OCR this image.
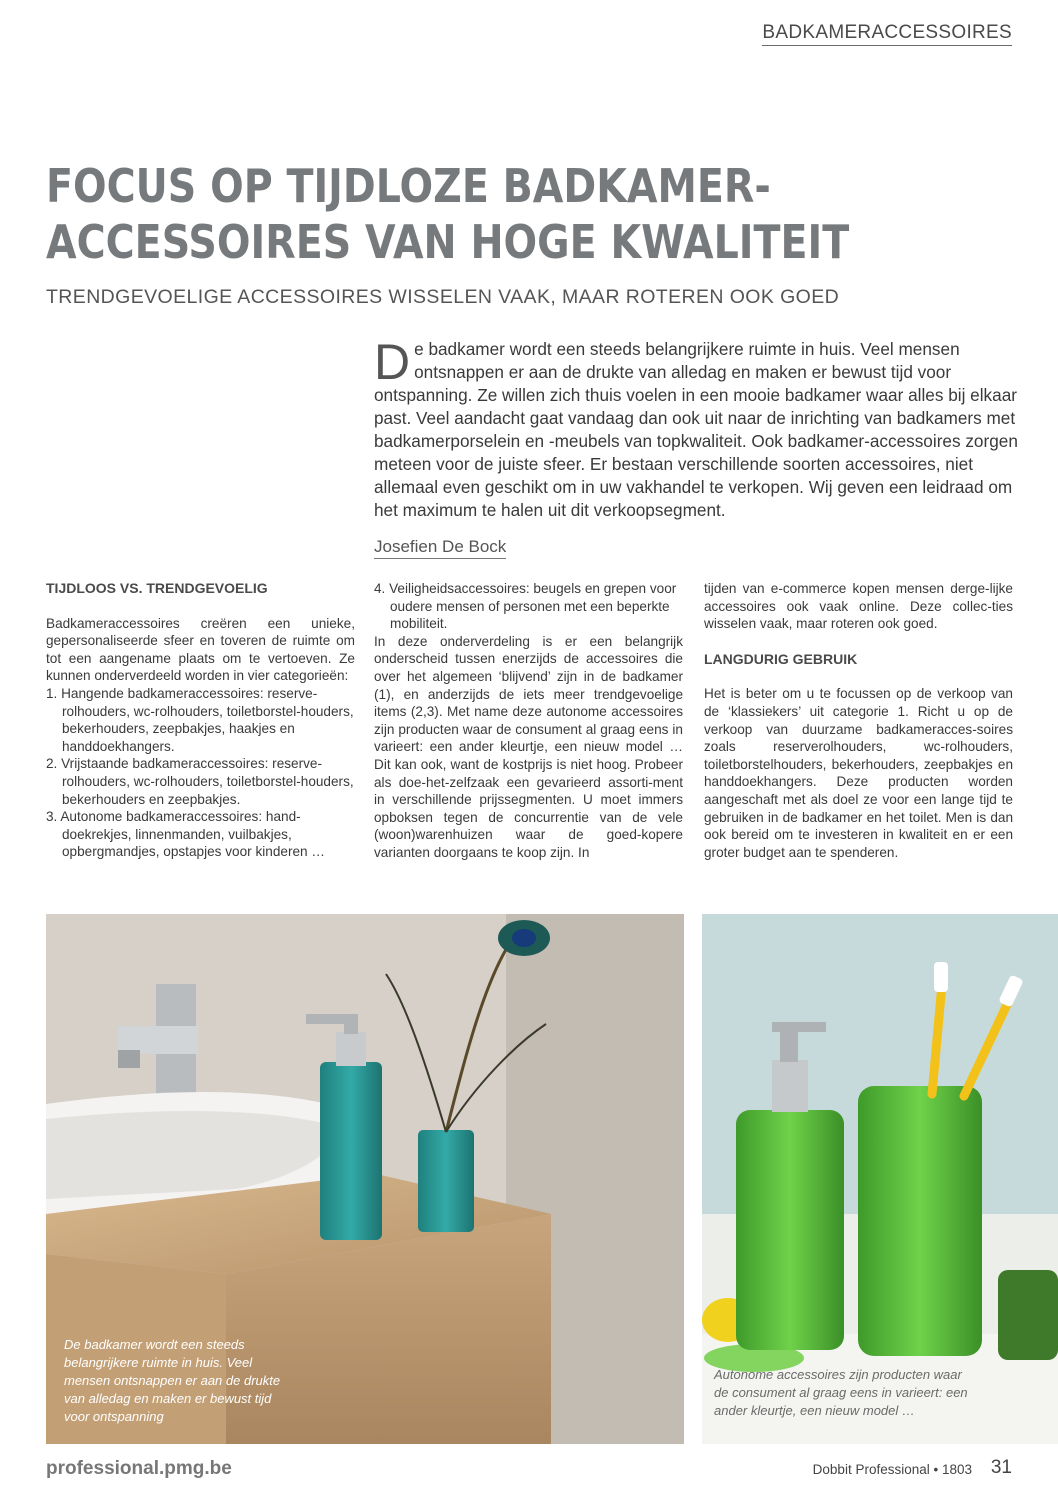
BADKAMERACCESSOIRES
FOCUS OP TIJDLOZE BADKAMER-
ACCESSOIRES VAN HOGE KWALITEIT
TRENDGEVOELIGE ACCESSOIRES WISSELEN VAAK, MAAR ROTEREN OOK GOED
De badkamer wordt een steeds belangrijkere ruimte in huis. Veel mensen ontsnappen er aan de drukte van alledag en maken er bewust tijd voor ontspanning. Ze willen zich thuis voelen in een mooie badkamer waar alles bij elkaar past. Veel aandacht gaat vandaag dan ook uit naar de inrichting van badkamers met badkamerporselein en -meubels van topkwaliteit. Ook badkamer-accessoires zorgen meteen voor de juiste sfeer. Er bestaan verschillende soorten accessoires, niet allemaal even geschikt om in uw vakhandel te verkopen. Wij geven een leidraad om het maximum te halen uit dit verkoopsegment.
Josefien De Bock
TIJDLOOS VS. TRENDGEVOELIG

Badkameraccessoires creëren een unieke, gepersonaliseerde sfeer en toveren de ruimte om tot een aangename plaats om te vertoeven. Ze kunnen onderverdeeld worden in vier categorieën:

1. Hangende badkameraccessoires: reserve-rolhouders, wc-rolhouders, toiletborstel-houders, bekerhouders, zeepbakjes, haakjes en handdoekhangers.
2. Vrijstaande badkameraccessoires: reserve-rolhouders, wc-rolhouders, toiletborstel-houders, bekerhouders en zeepbakjes.
3. Autonome badkameraccessoires: hand-doekrekjes, linnenmanden, vuilbakjes, opbergmandjes, opstapjes voor kinderen …
4. Veiligheidsaccessoires: beugels en grepen voor oudere mensen of personen met een beperkte mobiliteit.

In deze onderverdeling is er een belangrijk onderscheid tussen enerzijds de accessoires die over het algemeen ‘blijvend’ zijn in de badkamer (1), en anderzijds de iets meer trendgevoelige items (2,3). Met name deze autonome accessoires zijn producten waar de consument al graag eens in varieert: een ander kleurtje, een nieuw model … Dit kan ook, want de kostprijs is niet hoog. Probeer als doe-het-zelfzaak een gevarieerd assorti-ment in verschillende prijssegmenten. U moet immers opboksen tegen de concurrentie van de vele (woon)warenhuizen waar de goed-kopere varianten doorgaans te koop zijn. In

tijden van e-commerce kopen mensen derge-lijke accessoires ook vaak online. Deze collec-ties wisselen vaak, maar roteren ook goed.

LANGDURIG GEBRUIK

Het is beter om u te focussen op de verkoop van de ‘klassiekers’ uit categorie 1. Richt u op de verkoop van duurzame badkameracces-soires zoals reserverolhouders, wc-rolhouders, toiletborstelhouders, bekerhouders, zeepbakjes en handdoekhangers. Deze producten worden aangeschaft met als doel ze voor een lange tijd te gebruiken in de badkamer en het toilet. Men is dan ook bereid om te investeren in kwaliteit en er een groter budget aan te spenderen.

De badkamer wordt een steeds belangrijkere ruimte in huis. Veel mensen ontsnappen er aan de drukte van alledag en maken er bewust tijd voor ontspanning
Autonome accessoires zijn producten waar de consument al graag eens in varieert: een ander kleurtje, een nieuw model …
professional.pmg.be	Dobbit Professional • 1803 31
